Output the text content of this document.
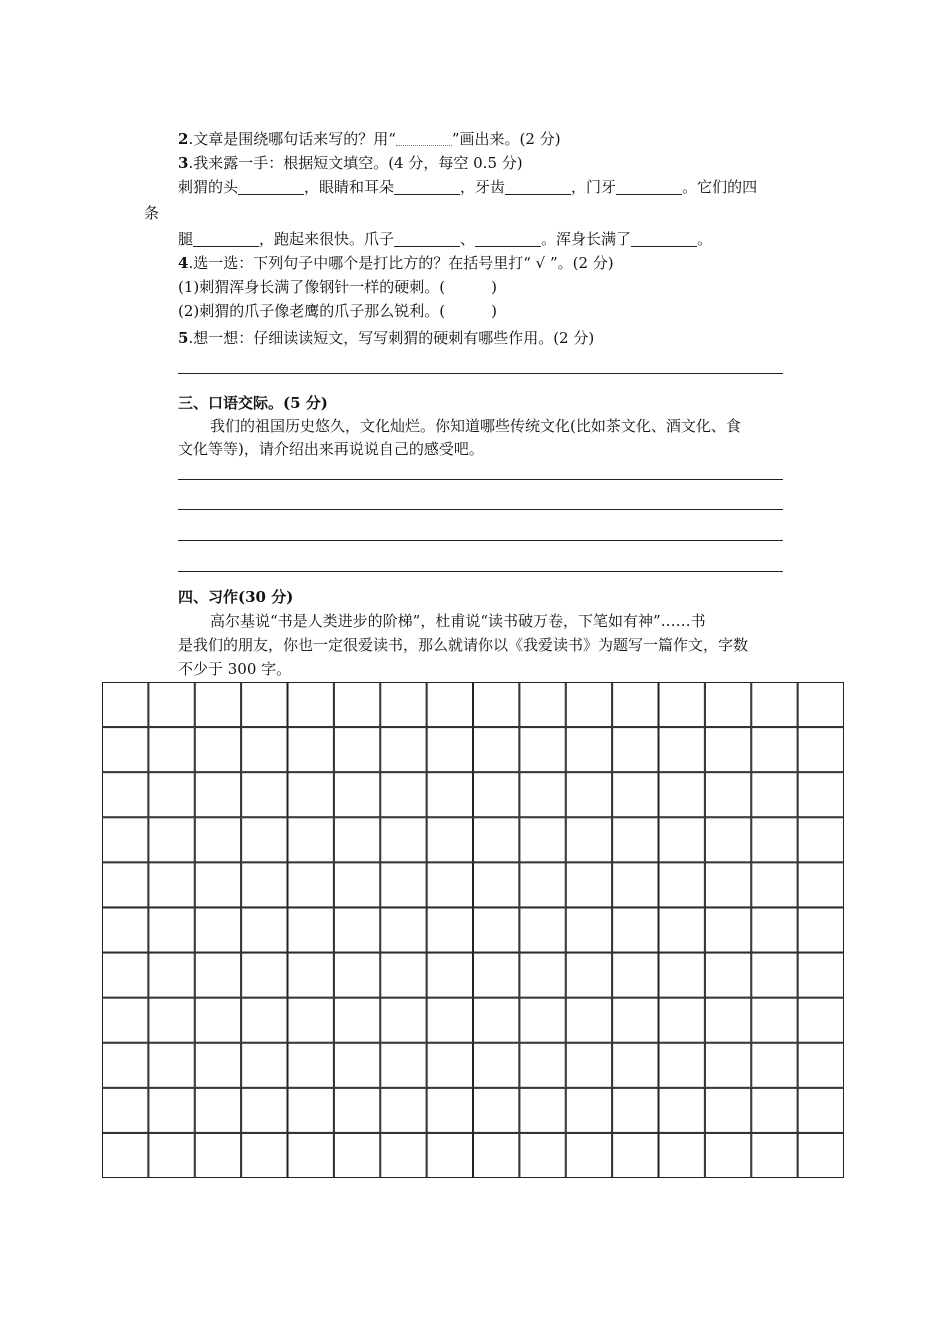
2.文章是围绕哪句话来写的？用“	”画出来。(2 分)
3.我来露一手：根据短文填空。(4 分，每空 0.5 分)
刺猬的头	，眼睛和耳朵	，牙齿	，门牙	。它们的四
条
腿	，跑起来很快。爪子	、	。浑身长满了	。
4.选一选：下列句子中哪个是打比方的？在括号里打“ √ ”。(2 分)
(1)刺猬浑身长满了像钢针一样的硬刺。(	)
(2)刺猬的爪子像老鹰的爪子那么锐利。(	)
5.想一想：仔细读读短文，写写刺猬的硬刺有哪些作用。(2 分)
三、口语交际。(5 分)
我们的祖国历史悠久，文化灿烂。你知道哪些传统文化(比如茶文化、酒文化、食
文化等等)，请介绍出来再说说自己的感受吧。
四、习作(30 分)
高尔基说“书是人类进步的阶梯”，杜甫说“读书破万卷，下笔如有神”……书
是我们的朋友，你也一定很爱读书，那么就请你以《我爱读书》为题写一篇作文，字数
不少于 300 字。
